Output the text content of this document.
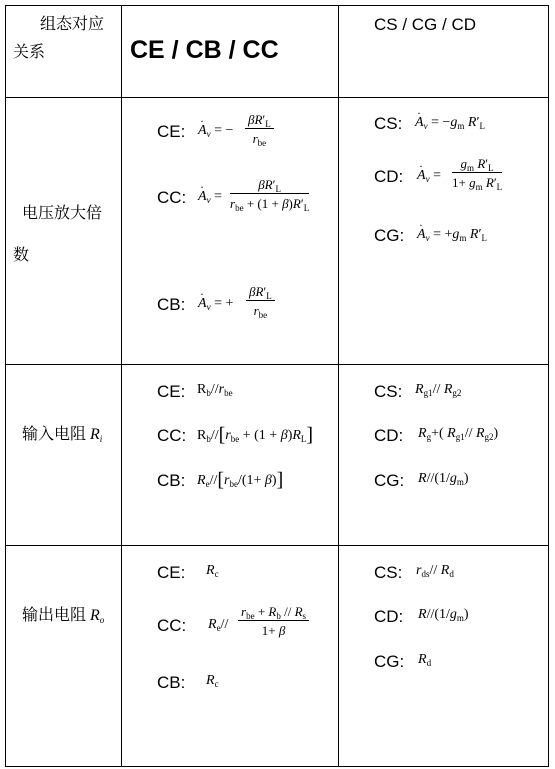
组态对应
关系	CE / CB / CC
CS / CG / CD
电压放大倍
数
CE: · $A_v$ = −
$\beta R'_L$
$r_{be}$
CC: · $A_v$ =
$\beta R'_L$
$r_{be} + (1 + \beta)R'_L$
CB: · $A_v$ = +
$\beta R'_L$
$r_{be}$
CS: · $A_v = -g_m$ $R'_L$
CD: · $A_v$ =
$g_m$ $R'_L$
$1+ g_m$ $R'_L$
CG: · $A_v = +g_m$ $R'_L$
输入电阻 $R_i$
CE: $R_b//r_{be}$
CC: $R_b//[r_{be} + (1 + \beta)R_L]$
CB: $R_e//[r_{be}/(1+ \beta)]$
CS: $R_{g1}//$ $R_{g2}$
CD: $R_g+$( $R_{g1}//$ $R_{g2}$)
CG: $R//(1/g_m)$
输出电阻 $R_o$
CE: $R_c$
CC: $R_e//$
$r_{be} + R_b // R_s$
1+ β
CB: $R_c$
CS: $r_{ds}//$ $R_d$
CD: $R//(1/g_m)$
CG: $R_d$
